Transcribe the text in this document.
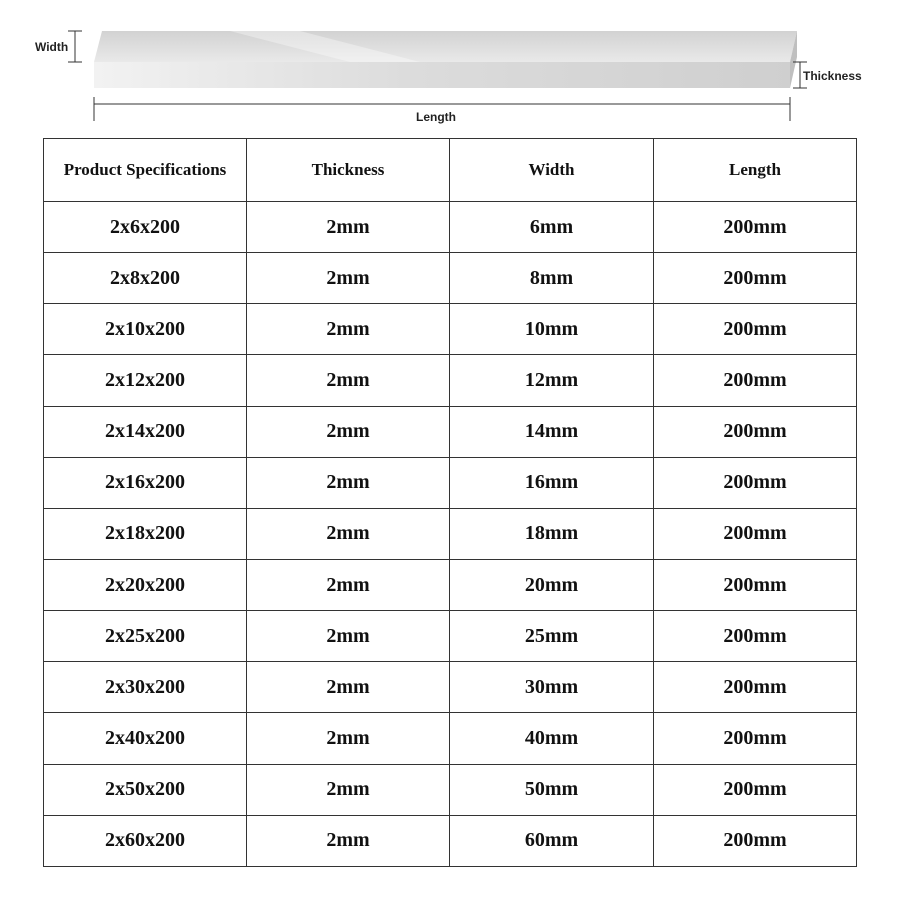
Width
Thickness
Length
Product Specifications	Thickness	Width	Length
2x6x200	2mm	6mm	200mm
2x8x200	2mm	8mm	200mm
2x10x200	2mm	10mm	200mm
2x12x200	2mm	12mm	200mm
2x14x200	2mm	14mm	200mm
2x16x200	2mm	16mm	200mm
2x18x200	2mm	18mm	200mm
2x20x200	2mm	20mm	200mm
2x25x200	2mm	25mm	200mm
2x30x200	2mm	30mm	200mm
2x40x200	2mm	40mm	200mm
2x50x200	2mm	50mm	200mm
2x60x200	2mm	60mm	200mm
